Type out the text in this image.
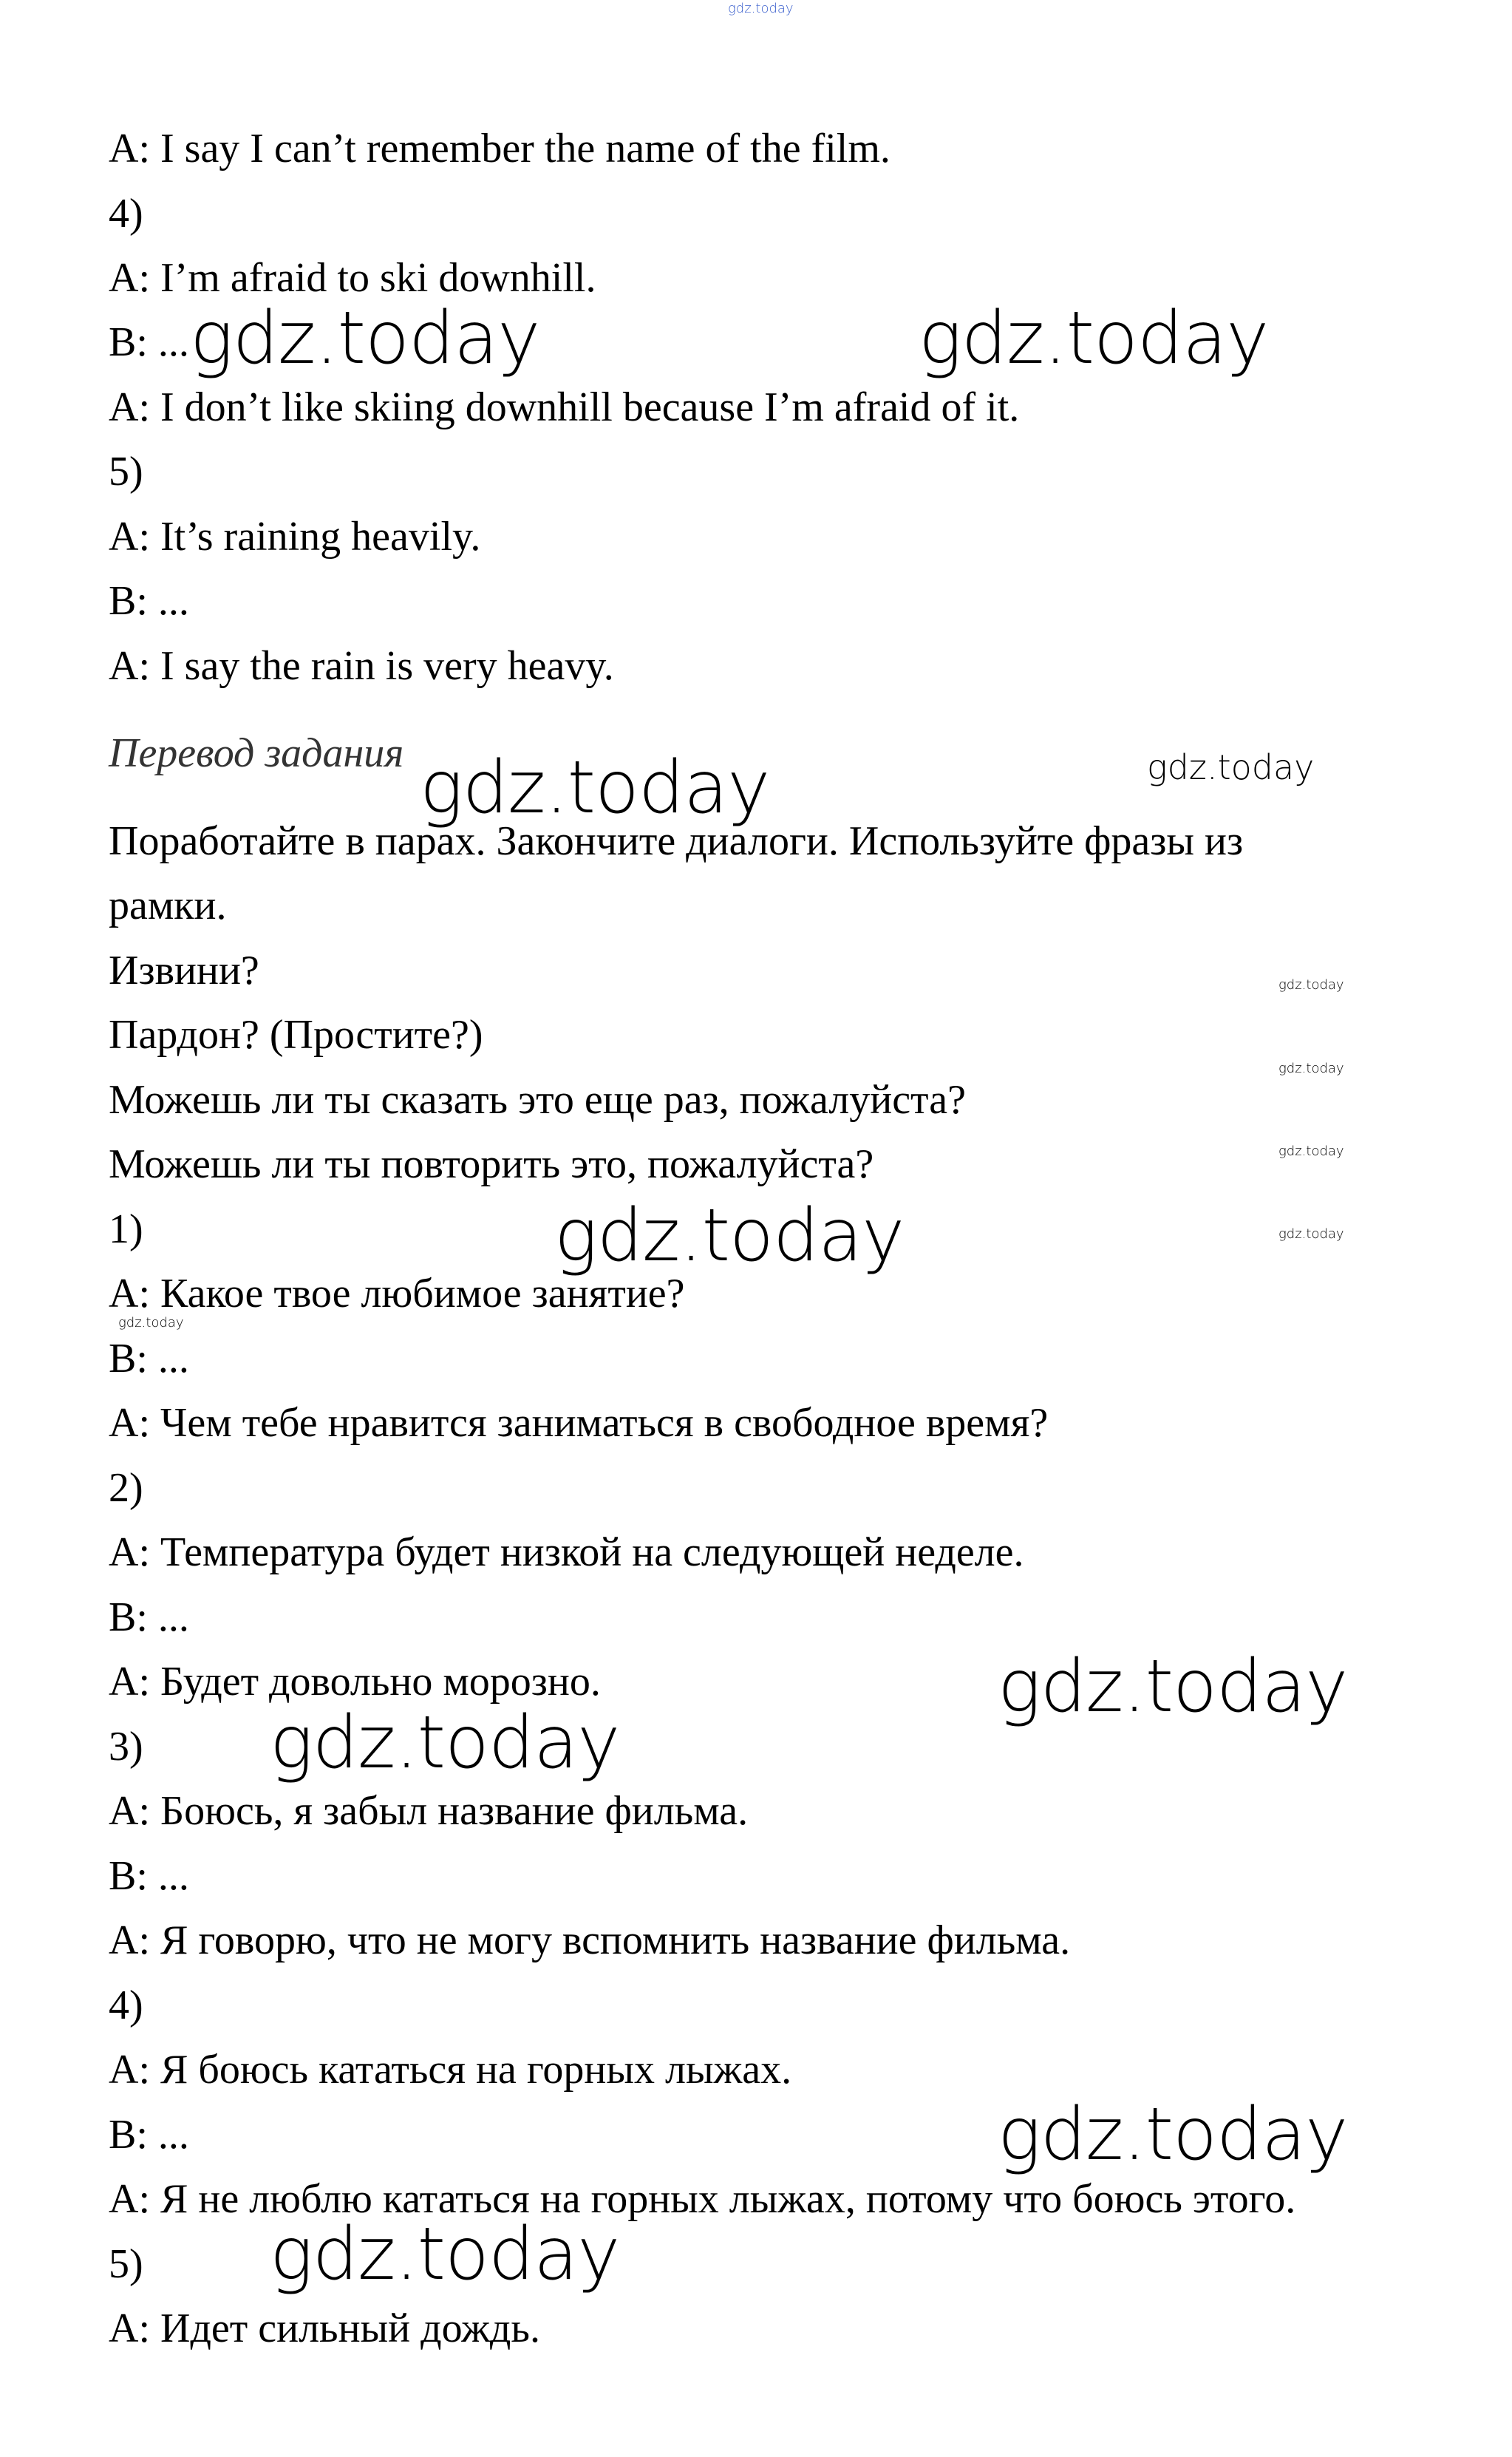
gdz.today
A: I say I can’t remember the name of the film.
4)
A: I’m afraid to ski downhill.
B: ...
A: I don’t like skiing downhill because I’m afraid of it.
5)
A: It’s raining heavily.
B: ...
A: I say the rain is very heavy.
Перевод задания
Поработайте в парах. Закончите диалоги. Используйте фразы из
рамки.
Извини?
Пардон? (Простите?)
Можешь ли ты сказать это еще раз, пожалуйста?
Можешь ли ты повторить это, пожалуйста?
1)
A: Какое твое любимое занятие?
B: ...
A: Чем тебе нравится заниматься в свободное время?
2)
A: Температура будет низкой на следующей неделе.
B: ...
A: Будет довольно морозно.
3)
A: Боюсь, я забыл название фильма.
B: ...
A: Я говорю, что не могу вспомнить название фильма.
4)
A: Я боюсь кататься на горных лыжах.
B: ...
A: Я не люблю кататься на горных лыжах, потому что боюсь этого.
5)
A: Идет сильный дождь.
gdz.today	gdz.today
gdz.today
gdz.today
gdz.today
gdz.today
gdz.today
gdz.today
gdz.today
gdz.today
gdz.today
gdz.today
gdz.today
gdz.today
